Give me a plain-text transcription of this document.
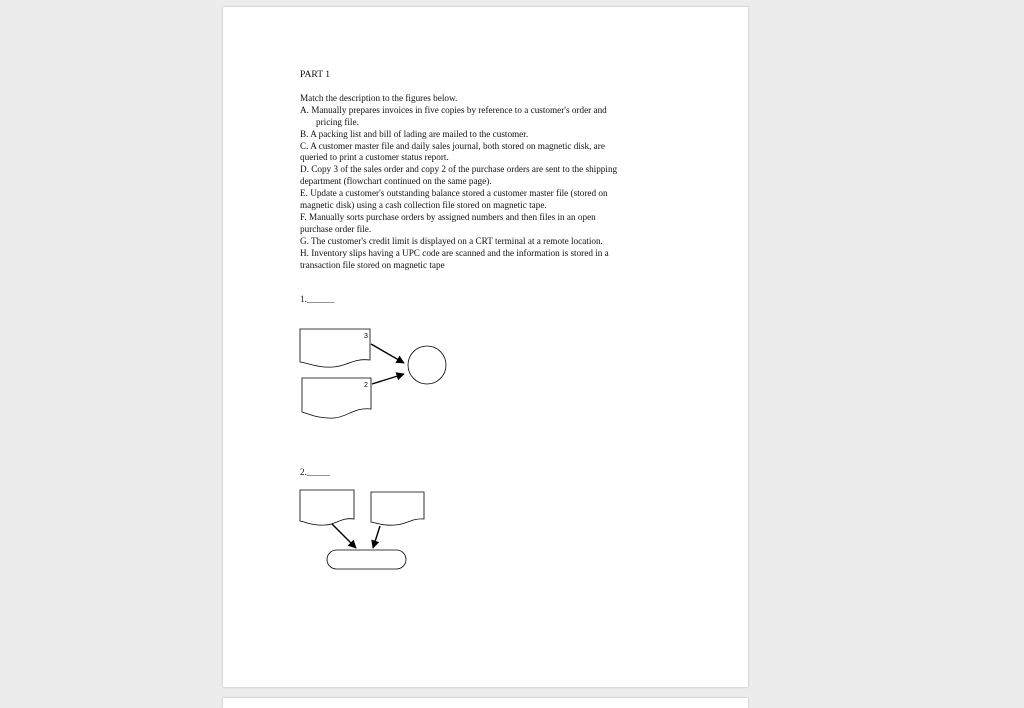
PART 1

Match the description to the figures below.

A. Manually prepares invoices in five copies by reference to a customer's order and

pricing file.

B. A packing list and bill of lading are mailed to the customer.

C. A customer master file and daily sales journal, both stored on magnetic disk, are

queried to print a customer status report.

D. Copy 3 of the sales order and copy 2 of the purchase orders are sent to the shipping

department (flowchart continued on the same page).

E. Update a customer's outstanding balance stored a customer master file (stored on

magnetic disk) using a cash collection file stored on magnetic tape.

F. Manually sorts purchase orders by assigned numbers and then files in an open

purchase order file.

G. The customer's credit limit is displayed on a CRT terminal at a remote location.

H. Inventory slips having a UPC code are scanned and the information is stored in a

transaction file stored on magnetic tape

1.______
3
2
2._____
